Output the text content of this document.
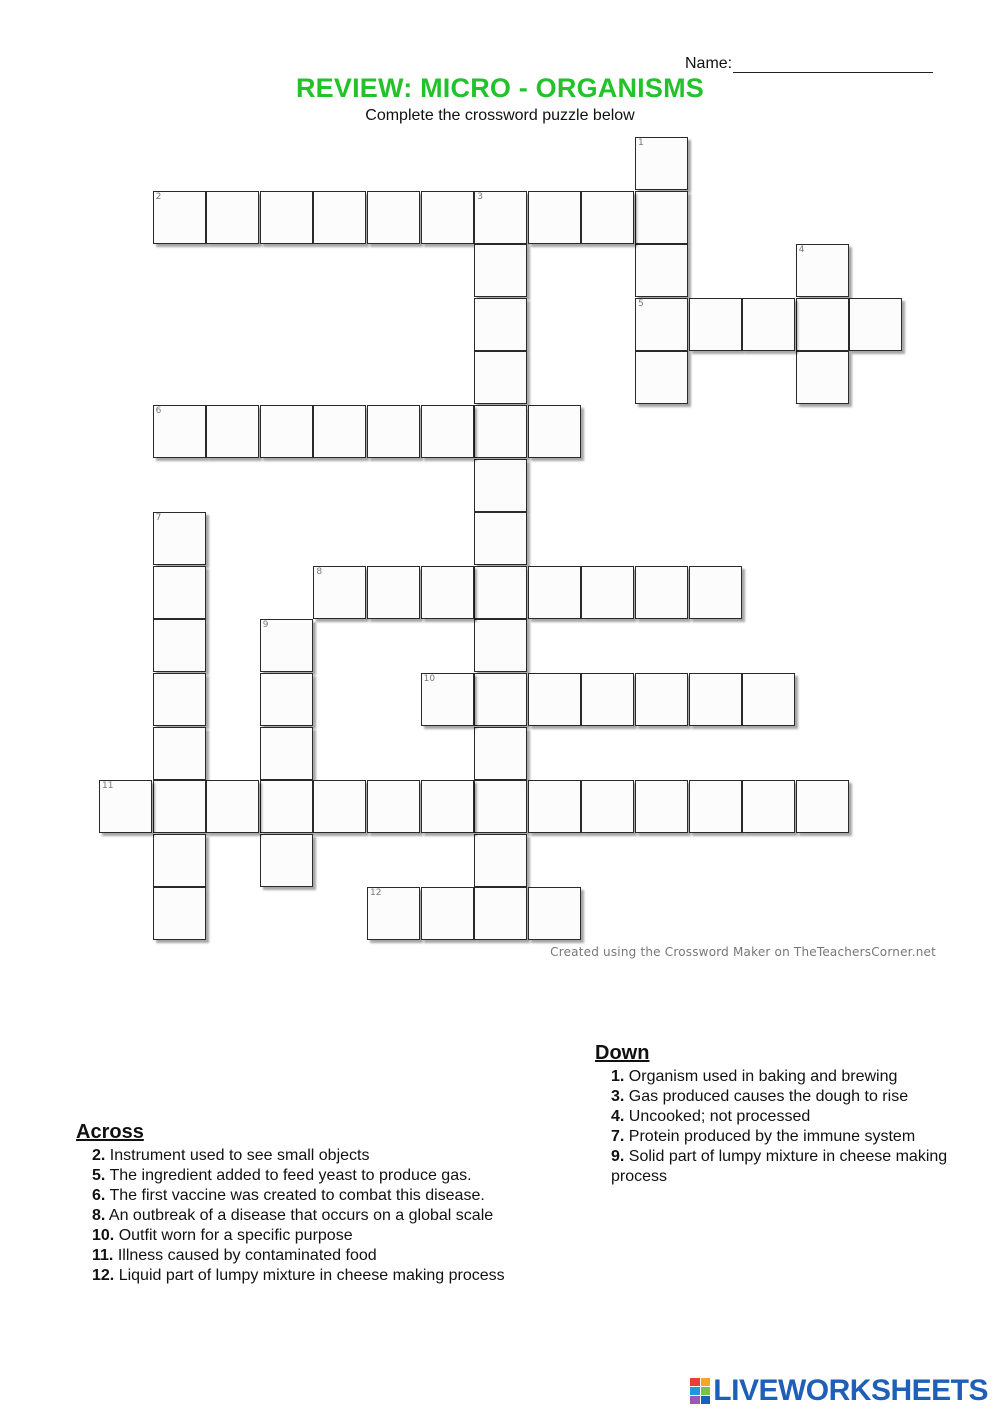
Name:
REVIEW: MICRO - ORGANISMS
Complete the crossword puzzle below
1
5
2	3
4
6
7
8
9
10
11
12
Created using the Crossword Maker on TheTeachersCorner.net
Across
2. Instrument used to see small objects
5. The ingredient added to feed yeast to produce gas.
6. The first vaccine was created to combat this disease.
8. An outbreak of a disease that occurs on a global scale
10. Outfit worn for a specific purpose
11. Illness caused by contaminated food
12. Liquid part of lumpy mixture in cheese making process
Down
1. Organism used in baking and brewing
3. Gas produced causes the dough to rise
4. Uncooked; not processed
7. Protein produced by the immune system
9. Solid part of lumpy mixture in cheese making process
LIVEWORKSHEETS
